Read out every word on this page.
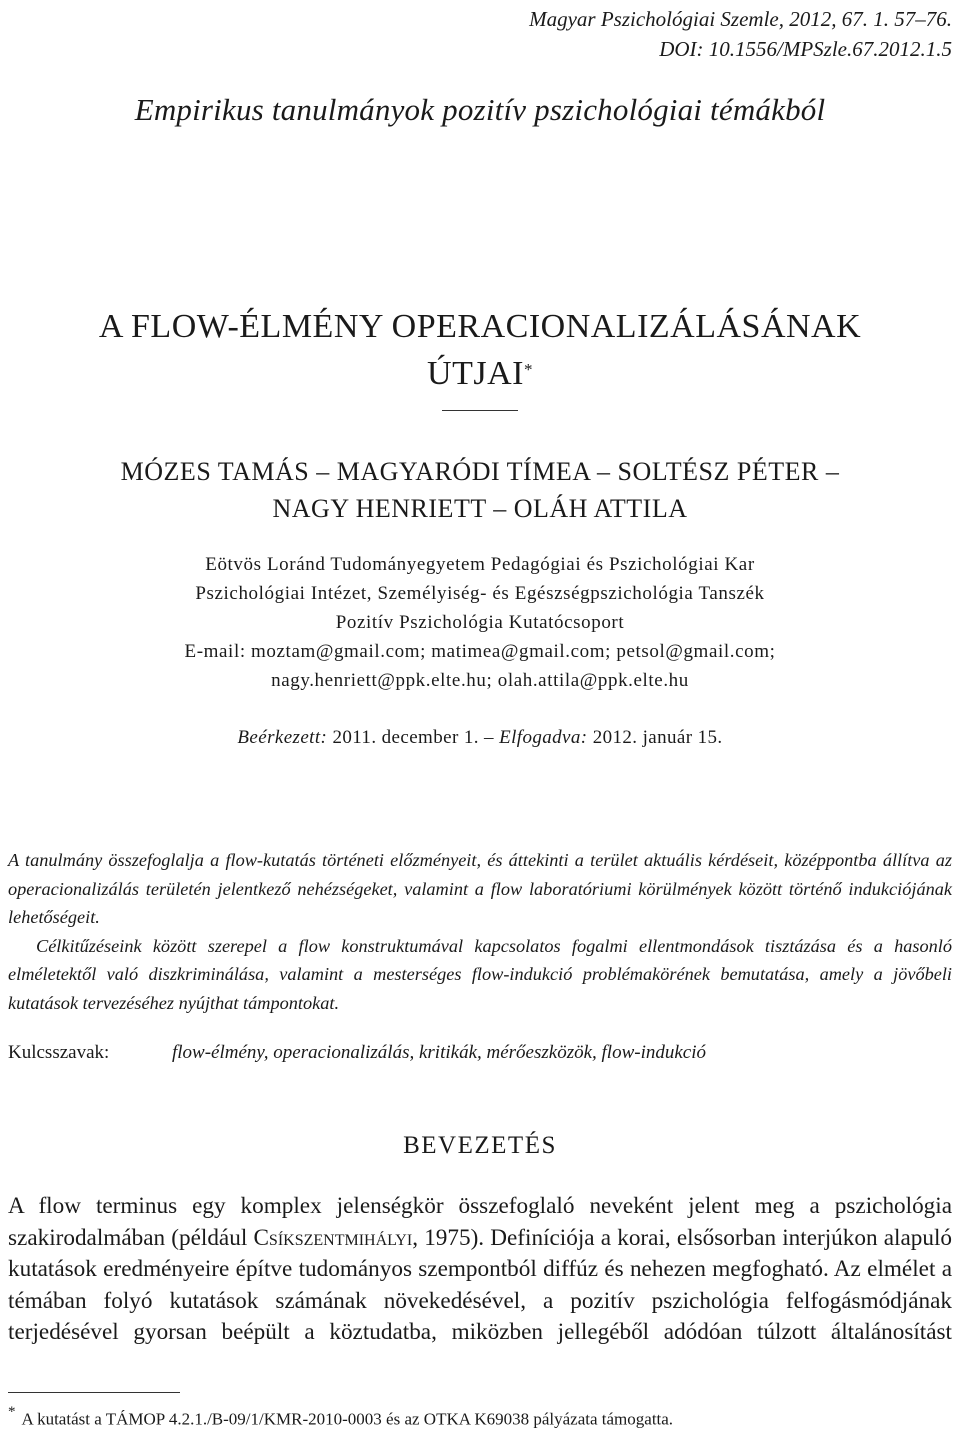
Magyar Pszichológiai Szemle, 2012, 67. 1. 57–76.
DOI: 10.1556/MPSzle.67.2012.1.5
Empirikus tanulmányok pozitív pszichológiai témákból
A FLOW-ÉLMÉNY OPERACIONALIZÁLÁSÁNAK
ÚTJAI*
MÓZES TAMÁS – MAGYARÓDI TÍMEA – SOLTÉSZ PÉTER –
NAGY HENRIETT – OLÁH ATTILA
Eötvös Loránd Tudományegyetem Pedagógiai és Pszichológiai Kar
Pszichológiai Intézet, Személyiség- és Egészségpszichológia Tanszék
Pozitív Pszichológia Kutatócsoport
E-mail: moztam@gmail.com; matimea@gmail.com; petsol@gmail.com;
nagy.henriett@ppk.elte.hu; olah.attila@ppk.elte.hu
Beérkezett: 2011. december 1. – Elfogadva: 2012. január 15.

A tanulmány összefoglalja a flow-kutatás történeti előzményeit, és áttekinti a terület aktuális kérdéseit, középpontba állítva az operacionalizálás területén jelentkező nehézségeket, valamint a flow laboratóriumi körülmények között történő indukciójának lehetőségeit.

Célkitűzéseink között szerepel a flow konstruktumával kapcsolatos fogalmi ellentmondások tisztázása és a hasonló elméletektől való diszkriminálása, valamint a mesterséges flow-indukció problémakörének bemutatása, amely a jövőbeli kutatások tervezéséhez nyújthat támpontokat.

Kulcsszavak:	flow-élmény, operacionalizálás, kritikák, mérőeszközök, flow-indukció
BEVEZETÉS
A flow terminus egy komplex jelenségkör összefoglaló neveként jelent meg a pszichológia szakirodalmában (például Csíkszentmihályi, 1975). Definíciója a korai, elsősorban interjúkon alapuló kutatások eredményeire építve tudományos szempontból diffúz és nehezen megfogható. Az elmélet a témában folyó kutatások számának növekedésével, a pozitív pszichológia felfogásmódjának terjedésével gyorsan beépült a köztudatba, miközben jellegéből adódóan túlzott általánosítást
* A kutatást a TÁMOP 4.2.1./B-09/1/KMR-2010-0003 és az OTKA K69038 pályázata támogatta.
